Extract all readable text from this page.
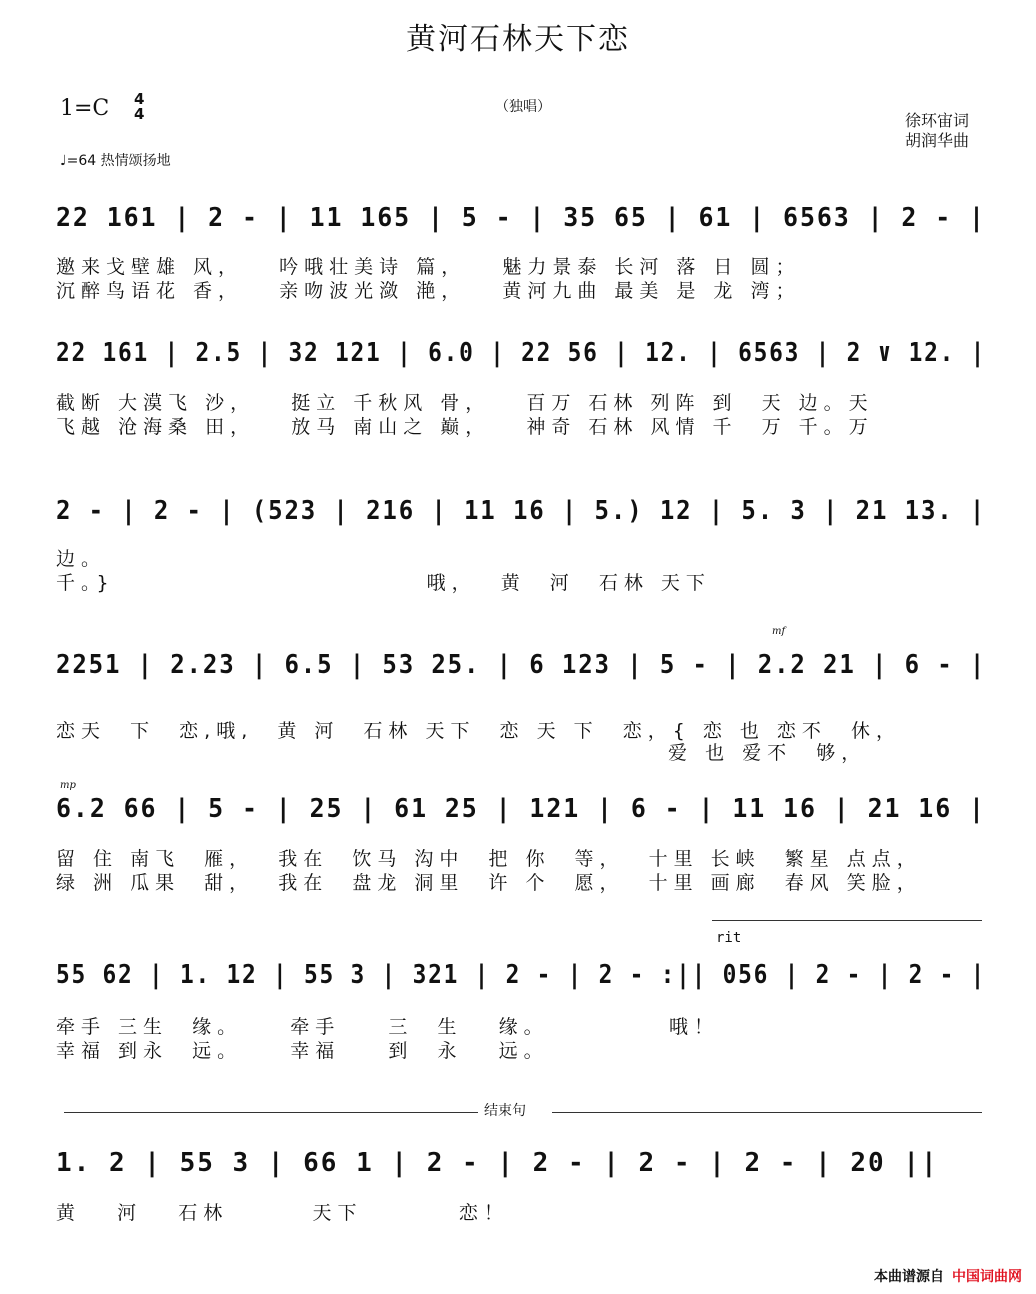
黄河石林天下恋
1=C 4
4	（独唱）
徐环宙词
胡润华曲
♩=64 热情颂扬地
22 161 | 2 - | 11 165 | 5 - | 35 65 | 61 | 6563 | 2 - |
邀来戈壁雄 风，   吟哦壮美诗 篇，   魅力景泰 长河 落 日 圆；
沉醉鸟语花 香，   亲吻波光潋 滟，   黄河九曲 最美 是 龙 湾；
22 161 | 2.5 | 32 121 | 6.0 | 22 56 | 12. | 6563 | 2 ∨ 12. |
截断 大漠飞 沙，   挺立 千秋风 骨，   百万 石林 列阵 到  天 边。天
飞越 沧海桑 田，   放马 南山之 巅，   神奇 石林 风情 千  万 千。万
2 - | 2 - | (523 | 216 | 11 16 | 5.) 12 | 5. 3 | 21 13. |
边。
千。} 　　　　　　　　　　　　哦，  黄  河  石林 天下
mf
2251 | 2.23 | 6.5 | 53 25. | 6 123 | 5 - | 2.2 21 | 6 - |
恋天  下  恋,哦,  黄 河  石林 天下  恋 天 下  恋，{ 恋 也 恋不  休，
　　　　　　　　　　　　　　　　　　　　　　　　 爱 也 爱不  够，
mp
6.2 66 | 5 - | 25 | 61 25 | 121 | 6 - | 11 16 | 21 16 |
留 住 南飞  雁，  我在  饮马 沟中  把 你  等，  十里 长峡  繁星 点点，
绿 洲 瓜果  甜，  我在  盘龙 洞里  许 个  愿，  十里 画廊  春风 笑脸，
rit
55 62 | 1. 12 | 55 3 | 321 | 2 - | 2 - :|| 056 | 2 - | 2 - |
牵手 三生  缘。    牵手    三  生   缘。          哦！
幸福 到永  远。    幸福    到  永   远。
结束句
1. 2 | 55 3 | 66 1 | 2 - | 2 - | 2 - | 2 - | 20 ||
黄   河   石林       天下        恋！
本曲谱源自 中国词曲网
